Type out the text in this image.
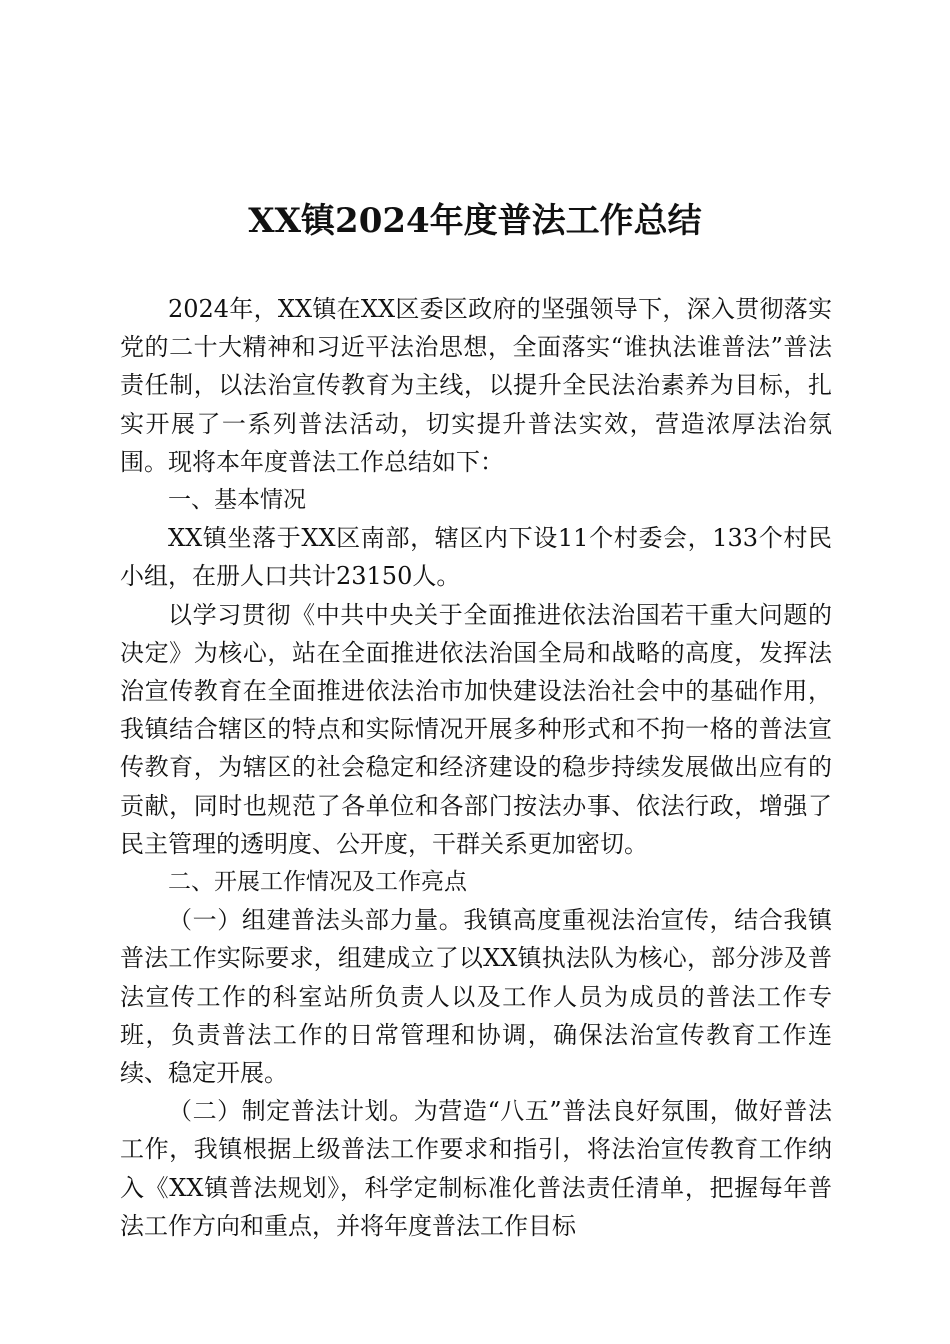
XX镇2024年度普法工作总结

2024年，XX镇在XX区委区政府的坚强领导下，深入贯彻落实党的二十大精神和习近平法治思想，全面落实“谁执法谁普法”普法责任制，以法治宣传教育为主线，以提升全民法治素养为目标，扎实开展了一系列普法活动，切实提升普法实效，营造浓厚法治氛围。现将本年度普法工作总结如下：

一、基本情况

XX镇坐落于XX区南部，辖区内下设11个村委会，133个村民小组，在册人口共计23150人。

以学习贯彻《中共中央关于全面推进依法治国若干重大问题的决定》为核心，站在全面推进依法治国全局和战略的高度，发挥法治宣传教育在全面推进依法治市加快建设法治社会中的基础作用，我镇结合辖区的特点和实际情况开展多种形式和不拘一格的普法宣传教育，为辖区的社会稳定和经济建设的稳步持续发展做出应有的贡献，同时也规范了各单位和各部门按法办事、依法行政，增强了民主管理的透明度、公开度，干群关系更加密切。

二、开展工作情况及工作亮点

（一）组建普法头部力量。我镇高度重视法治宣传，结合我镇普法工作实际要求，组建成立了以XX镇执法队为核心，部分涉及普法宣传工作的科室站所负责人以及工作人员为成员的普法工作专班，负责普法工作的日常管理和协调，确保法治宣传教育工作连续、稳定开展。

（二）制定普法计划。为营造“八五”普法良好氛围，做好普法工作，我镇根据上级普法工作要求和指引，将法治宣传教育工作纳入《XX镇普法规划》，科学定制标准化普法责任清单，把握每年普法工作方向和重点，并将年度普法工作目标
